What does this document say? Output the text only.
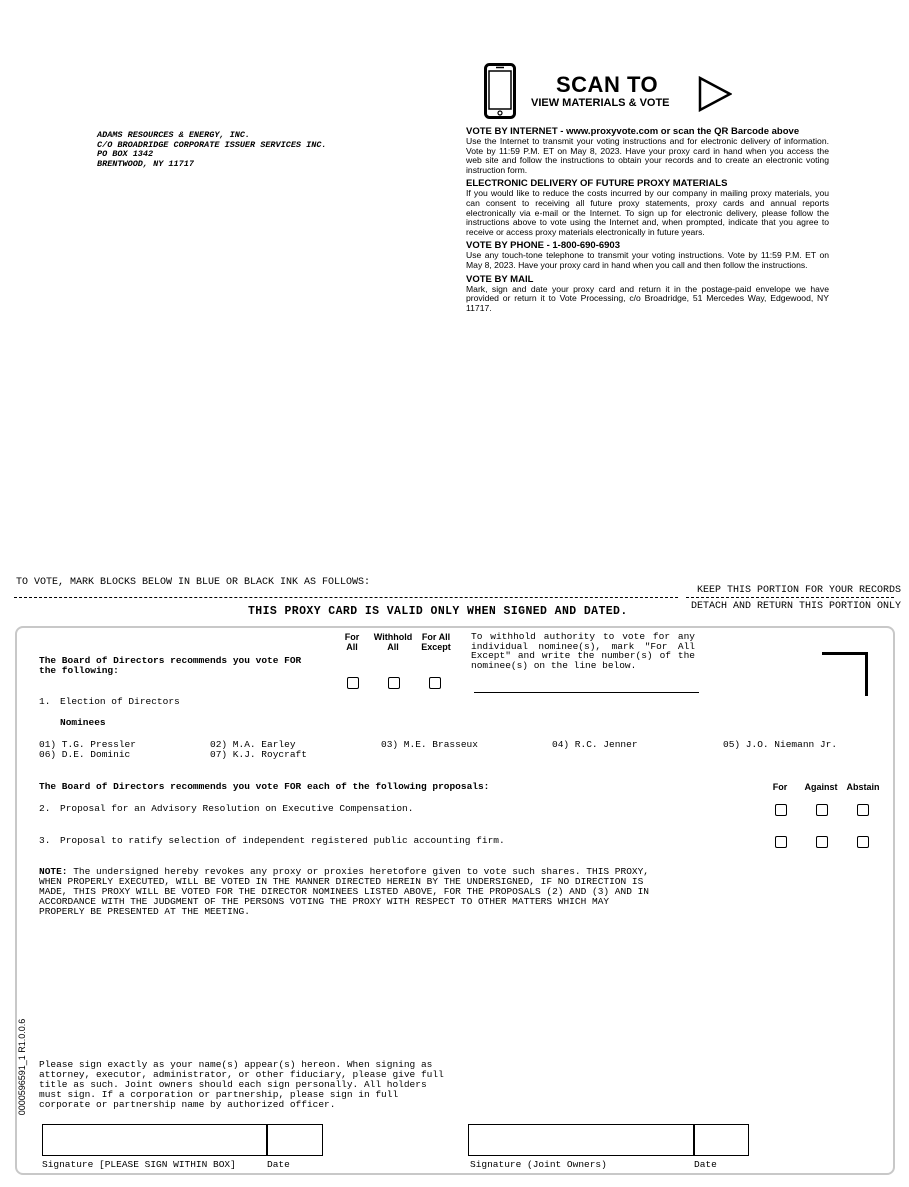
ADAMS RESOURCES & ENERGY, INC.
C/O BROADRIDGE CORPORATE ISSUER SERVICES INC.
PO BOX 1342
BRENTWOOD, NY 11717
SCAN TO
VIEW MATERIALS & VOTE
VOTE BY INTERNET - www.proxyvote.com or scan the QR Barcode above

Use the Internet to transmit your voting instructions and for electronic delivery of information. Vote by 11:59 P.M. ET on May 8, 2023. Have your proxy card in hand when you access the web site and follow the instructions to obtain your records and to create an electronic voting instruction form.

ELECTRONIC DELIVERY OF FUTURE PROXY MATERIALS

If you would like to reduce the costs incurred by our company in mailing proxy materials, you can consent to receiving all future proxy statements, proxy cards and annual reports electronically via e-mail or the Internet. To sign up for electronic delivery, please follow the instructions above to vote using the Internet and, when prompted, indicate that you agree to receive or access proxy materials electronically in future years.

VOTE BY PHONE - 1-800-690-6903

Use any touch-tone telephone to transmit your voting instructions. Vote by 11:59 P.M. ET on May 8, 2023. Have your proxy card in hand when you call and then follow the instructions.

VOTE BY MAIL

Mark, sign and date your proxy card and return it in the postage-paid envelope we have provided or return it to Vote Processing, c/o Broadridge, 51 Mercedes Way, Edgewood, NY 11717.

TO VOTE, MARK BLOCKS BELOW IN BLUE OR BLACK INK AS FOLLOWS:
KEEP THIS PORTION FOR YOUR RECORDS
DETACH AND RETURN THIS PORTION ONLY
THIS PROXY CARD IS VALID ONLY WHEN SIGNED AND DATED.
The Board of Directors recommends you vote FOR the following:
For All
Withhold All
For All Except
To withhold authority to vote for any individual nominee(s), mark "For All Except" and write the number(s) of the nominee(s) on the line below.
1. Election of Directors
Nominees
01) T.G. Pressler	02) M.A. Earley	03) M.E. Brasseux	04) R.C. Jenner	05) J.O. Niemann Jr.
06) D.E. Dominic	07) K.J. Roycraft
The Board of Directors recommends you vote FOR each of the following proposals:	For	Against Abstain
2. Proposal for an Advisory Resolution on Executive Compensation.
3. Proposal to ratify selection of independent registered public accounting firm.
NOTE: The undersigned hereby revokes any proxy or proxies heretofore given to vote such shares. THIS PROXY, WHEN PROPERLY EXECUTED, WILL BE VOTED IN THE MANNER DIRECTED HEREIN BY THE UNDERSIGNED, IF NO DIRECTION IS MADE, THIS PROXY WILL BE VOTED FOR THE DIRECTOR NOMINEES LISTED ABOVE, FOR THE PROPOSALS (2) AND (3) AND IN ACCORDANCE WITH THE JUDGMENT OF THE PERSONS VOTING THE PROXY WITH RESPECT TO OTHER MATTERS WHICH MAY PROPERLY BE PRESENTED AT THE MEETING.
Please sign exactly as your name(s) appear(s) hereon. When signing as attorney, executor, administrator, or other fiduciary, please give full title as such. Joint owners should each sign personally. All holders must sign. If a corporation or partnership, please sign in full corporate or partnership name by authorized officer.
Signature [PLEASE SIGN WITHIN BOX]	Date	Signature (Joint Owners)	Date
0000596591_1 R1.0.0.6
